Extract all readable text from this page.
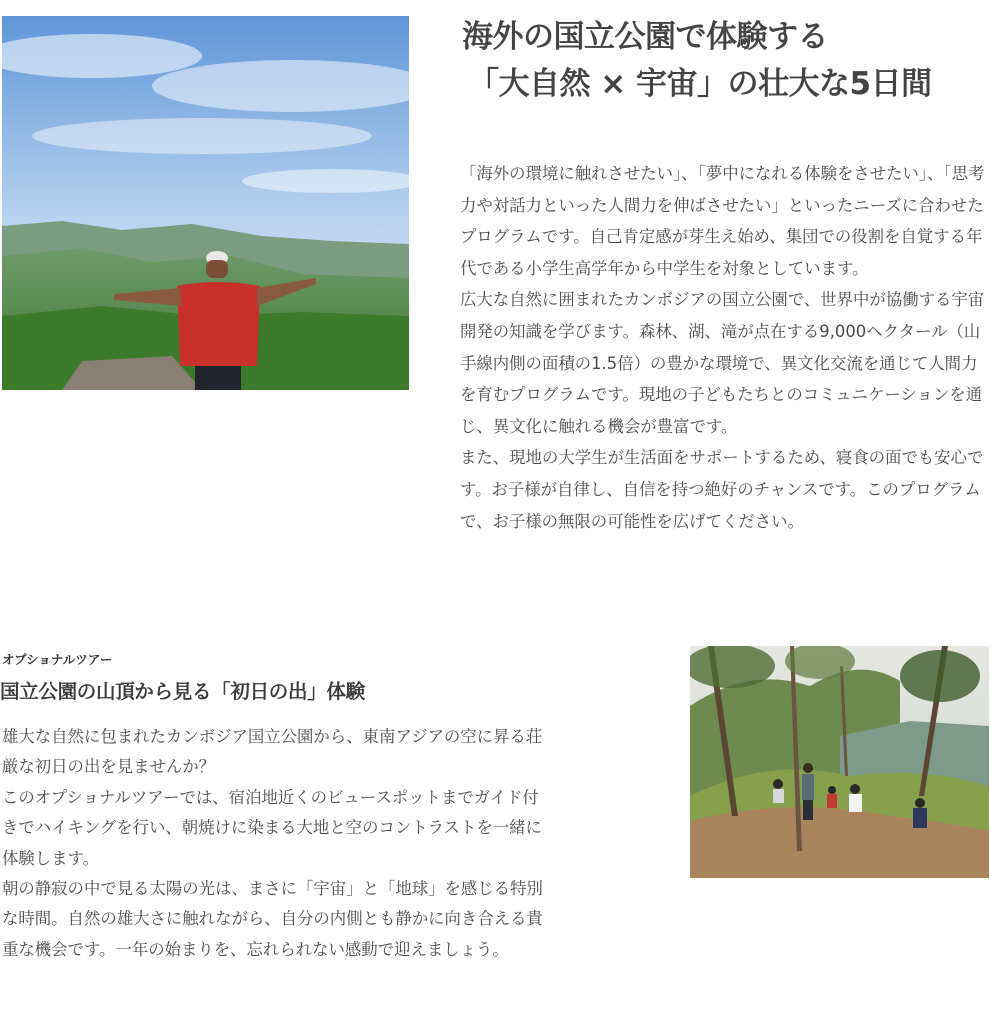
海外の国立公園で体験する
「大自然 × 宇宙」の壮大な5日間

「海外の環境に触れさせたい」、「夢中になれる体験をさせたい」、「思考力や対話力といった人間力を伸ばさせたい」といったニーズに合わせたプログラムです。自己肯定感が芽生え始め、集団での役割を自覚する年代である小学生高学年から中学生を対象としています。

広大な自然に囲まれたカンボジアの国立公園で、世界中が協働する宇宙開発の知識を学びます。森林、湖、滝が点在する9,000ヘクタール（山手線内側の面積の1.5倍）の豊かな環境で、異文化交流を通じて人間力を育むプログラムです。現地の子どもたちとのコミュニケーションを通じ、異文化に触れる機会が豊富です。

また、現地の大学生が生活面をサポートするため、寝食の面でも安心です。お子様が自律し、自信を持つ絶好のチャンスです。このプログラムで、お子様の無限の可能性を広げてください。

オプショナルツアー
国立公園の山頂から見る「初日の出」体験

雄大な自然に包まれたカンボジア国立公園から、東南アジアの空に昇る荘厳な初日の出を見ませんか？

このオプショナルツアーでは、宿泊地近くのビュースポットまでガイド付きでハイキングを行い、朝焼けに染まる大地と空のコントラストを一緒に体験します。

朝の静寂の中で見る太陽の光は、まさに「宇宙」と「地球」を感じる特別な時間。自然の雄大さに触れながら、自分の内側とも静かに向き合える貴重な機会です。一年の始まりを、忘れられない感動で迎えましょう。
